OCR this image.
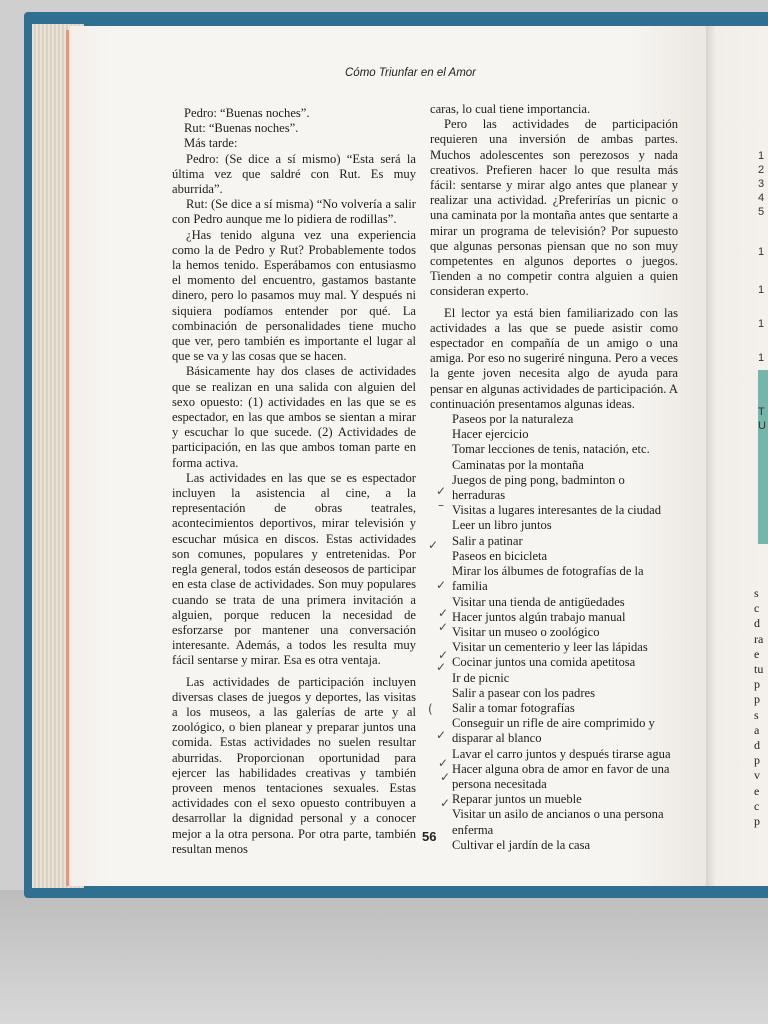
1
2
3
4
5
1
1
1
1
T
U
s
c
d
ra
e
tu
p
p
s
a
d
p
v
e
c
p
Cómo Triunfar en el Amor

Pedro: “Buenas noches”.

Rut: “Buenas noches”.

Más tarde:

Pedro: (Se dice a sí mismo) “Esta será la última vez que saldré con Rut. Es muy aburrida”.

Rut: (Se dice a sí misma) “No volvería a salir con Pedro aunque me lo pidiera de rodillas”.

¿Has tenido alguna vez una experiencia como la de Pedro y Rut? Probablemente todos la hemos tenido. Esperábamos con entusiasmo el momento del encuentro, gastamos bastante dinero, pero lo pasamos muy mal. Y después ni siquiera podíamos entender por qué. La combinación de personalidades tiene mucho que ver, pero también es importante el lugar al que se va y las cosas que se hacen.

Básicamente hay dos clases de actividades que se realizan en una salida con alguien del sexo opuesto: (1) actividades en las que se es espectador, en las que ambos se sientan a mirar y escuchar lo que sucede. (2) Actividades de participación, en las que ambos toman parte en forma activa.

Las actividades en las que se es espectador incluyen la asistencia al cine, a la representación de obras teatrales, acontecimientos deportivos, mirar televisión y escuchar música en discos. Estas actividades son comunes, populares y entretenidas. Por regla general, todos están deseosos de participar en esta clase de actividades. Son muy populares cuando se trata de una primera invitación a alguien, porque reducen la necesidad de esforzarse por mantener una conversación interesante. Además, a todos les resulta muy fácil sentarse y mirar. Esa es otra ventaja.

Las actividades de participación incluyen diversas clases de juegos y deportes, las visitas a los museos, a las galerías de arte y al zoológico, o bien planear y preparar juntos una comida. Estas actividades no suelen resultar aburridas. Proporcionan oportunidad para ejercer las habilidades creativas y también proveen menos tentaciones sexuales. Estas actividades con el sexo opuesto contribuyen a desarrollar la dignidad personal y a conocer mejor a la otra persona. Por otra parte, también resultan menos

caras, lo cual tiene importancia.

Pero las actividades de participación requieren una inversión de ambas partes. Muchos adolescentes son perezosos y nada creativos. Prefieren hacer lo que resulta más fácil: sentarse y mirar algo antes que planear y realizar una actividad. ¿Preferirías un picnic o una caminata por la montaña antes que sentarte a mirar un programa de televisión? Por supuesto que algunas personas piensan que no son muy competentes en algunos deportes o juegos. Tienden a no competir contra alguien a quien consideran experto.

El lector ya está bien familiarizado con las actividades a las que se puede asistir como espectador en compañía de un amigo o una amiga. Por eso no sugeriré ninguna. Pero a veces la gente joven necesita algo de ayuda para pensar en algunas actividades de participación. A continuación presentamos algunas ideas.

Paseos por la naturaleza

Hacer ejercicio

Tomar lecciones de tenis, natación, etc.

Caminatas por la montaña

Juegos de ping pong, badminton o herraduras

Visitas a lugares interesantes de la ciudad

Leer un libro juntos

Salir a patinar

Paseos en bicicleta

Mirar los álbumes de fotografías de la familia

Visitar una tienda de antigüedades

Hacer juntos algún trabajo manual

Visitar un museo o zoológico

Visitar un cementerio y leer las lápidas

Cocinar juntos una comida apetitosa

Ir de picnic

Salir a pasear con los padres

Salir a tomar fotografías

Conseguir un rifle de aire comprimido y disparar al blanco

Lavar el carro juntos y después tirarse agua

Hacer alguna obra de amor en favor de una persona necesitada

Reparar juntos un mueble

Visitar un asilo de ancianos o una persona enferma

Cultivar el jardín de la casa

✓
–
✓
✓
✓
✓
✓
✓
(
✓
✓
✓
✓
56
